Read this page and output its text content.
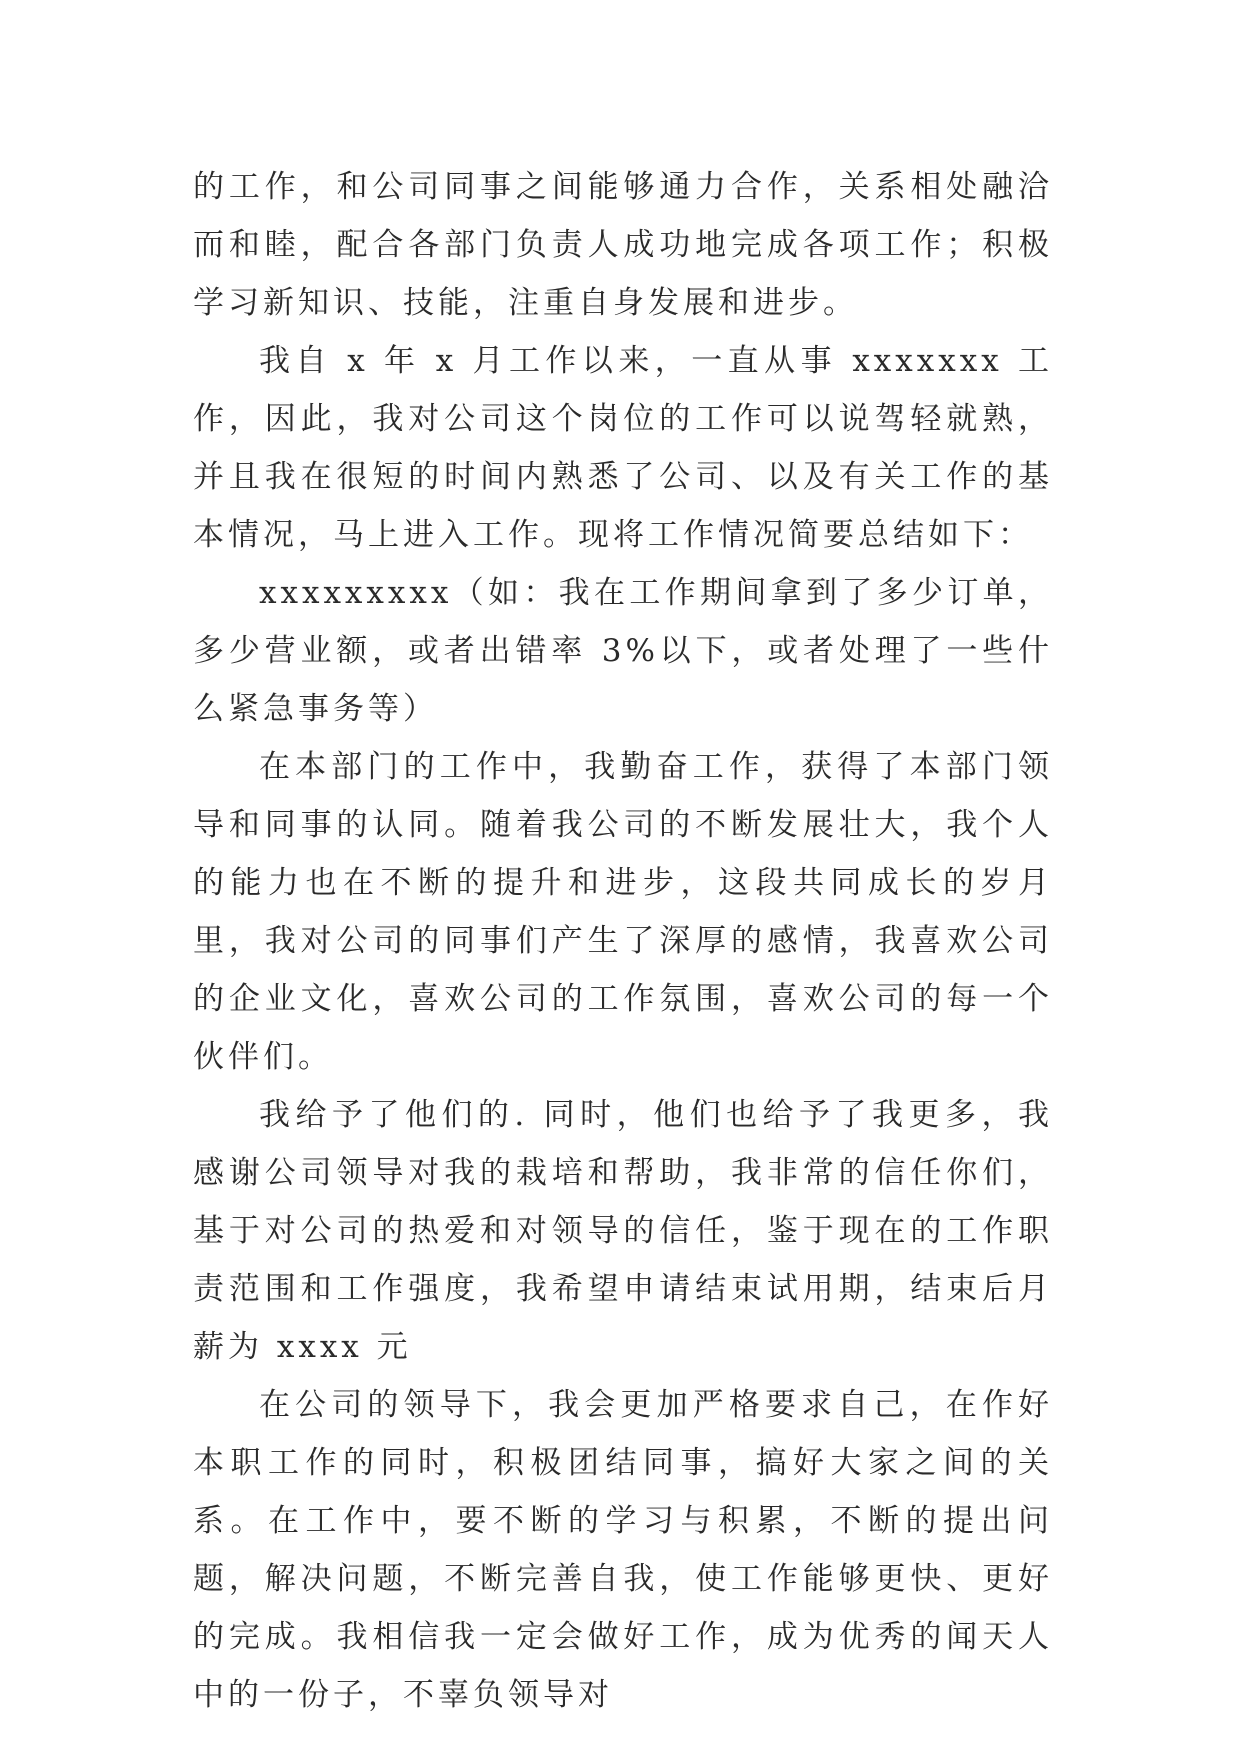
的工作，和公司同事之间能够通力合作，关系相处融洽而和睦，配合各部门负责人成功地完成各项工作；积极学习新知识、技能，注重自身发展和进步。

我自 x 年 x 月工作以来，一直从事 xxxxxxx 工作，因此，我对公司这个岗位的工作可以说驾轻就熟，并且我在很短的时间内熟悉了公司、以及有关工作的基本情况，马上进入工作。现将工作情况简要总结如下：

xxxxxxxxx（如：我在工作期间拿到了多少订单，多少营业额，或者出错率 3%以下，或者处理了一些什么紧急事务等）

在本部门的工作中，我勤奋工作，获得了本部门领导和同事的认同。随着我公司的不断发展壮大，我个人的能力也在不断的提升和进步，这段共同成长的岁月里，我对公司的同事们产生了深厚的感情，我喜欢公司的企业文化，喜欢公司的工作氛围，喜欢公司的每一个伙伴们。

我给予了他们的. 同时，他们也给予了我更多，我感谢公司领导对我的栽培和帮助，我非常的信任你们，基于对公司的热爱和对领导的信任，鉴于现在的工作职责范围和工作强度，我希望申请结束试用期，结束后月薪为 xxxx 元

在公司的领导下，我会更加严格要求自己，在作好本职工作的同时，积极团结同事，搞好大家之间的关系。在工作中，要不断的学习与积累，不断的提出问题，解决问题，不断完善自我，使工作能够更快、更好的完成。我相信我一定会做好工作，成为优秀的闻天人中的一份子，不辜负领导对
